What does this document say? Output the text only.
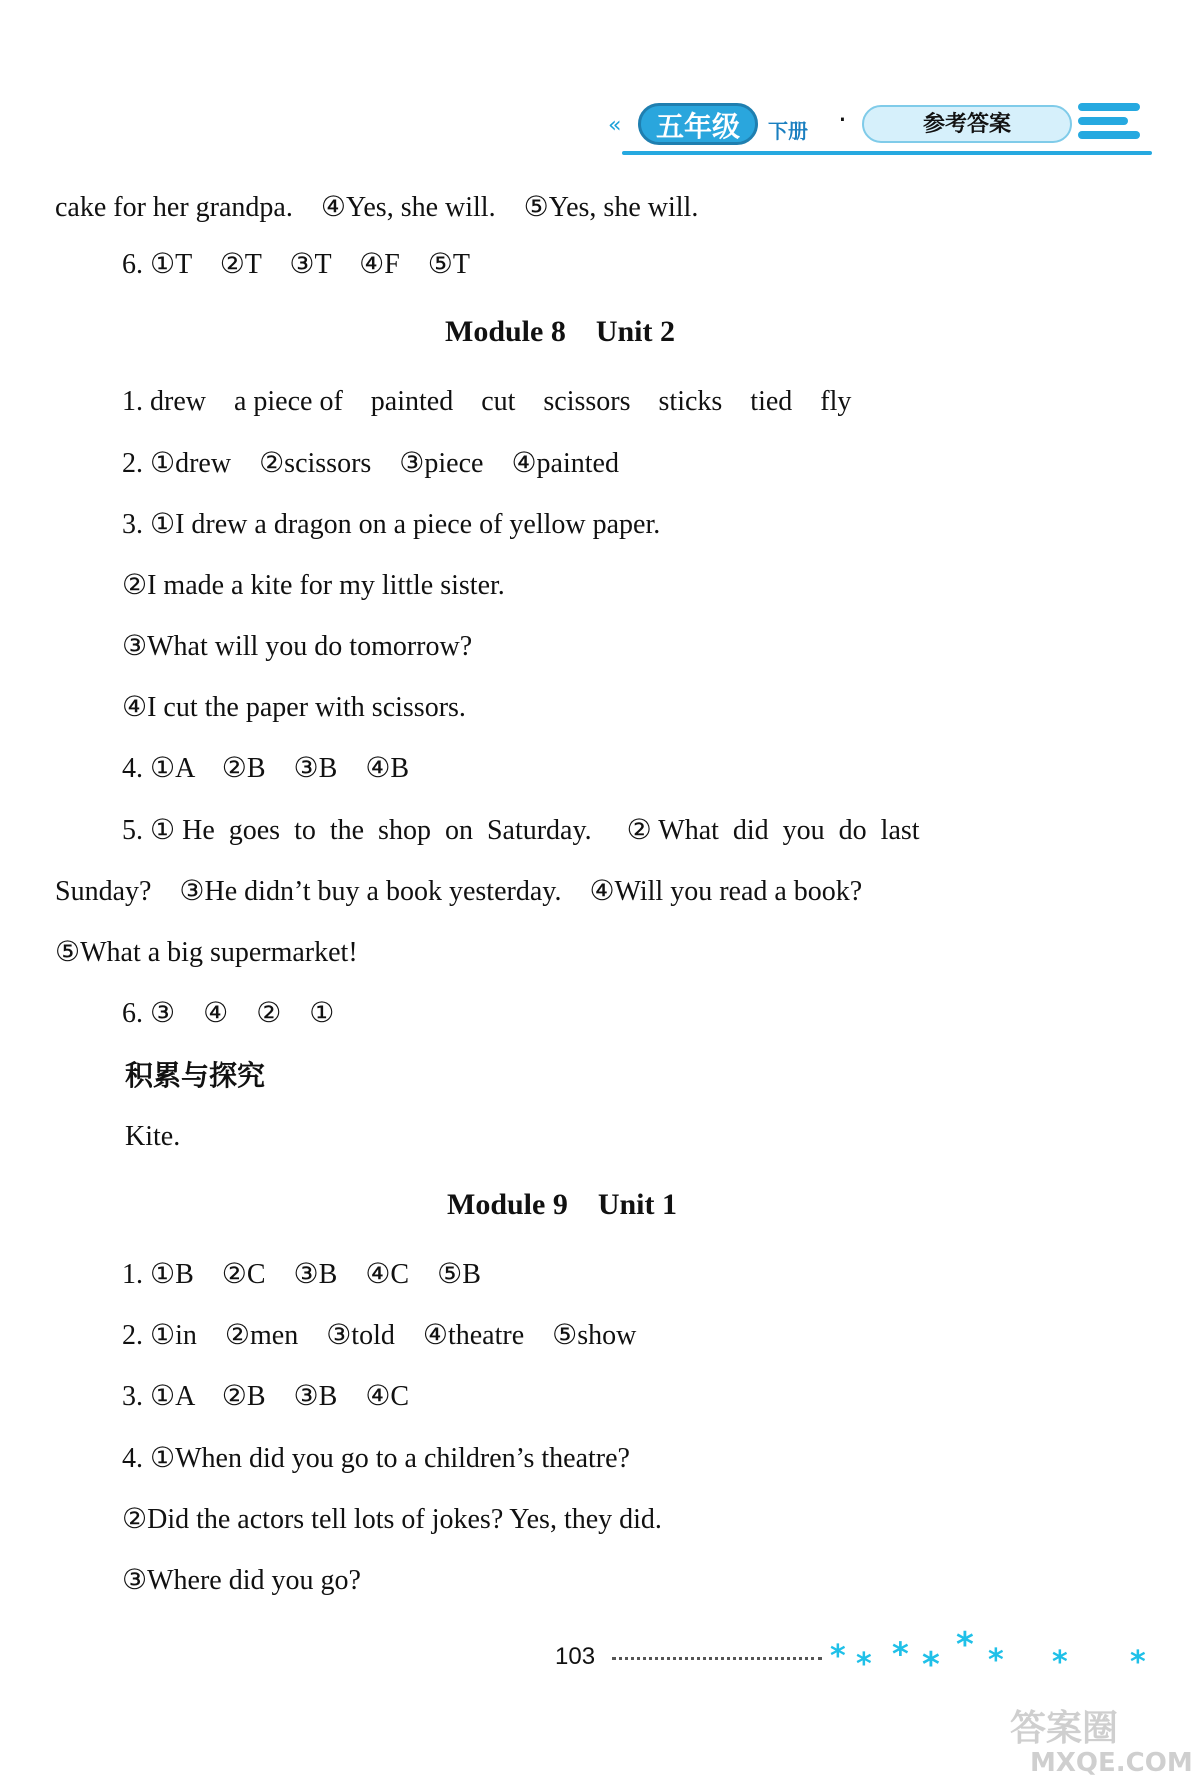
«	五年级	下册 ·	参考答案
cake for her grandpa.    ④Yes, she will.    ⑤Yes, she will.
6. ①T    ②T    ③T    ④F    ⑤T
Module 8    Unit 2
1. drew    a piece of    painted    cut    scissors    sticks    tied    fly
2. ①drew    ②scissors    ③piece    ④painted
3. ①I drew a dragon on a piece of yellow paper.
②I made a kite for my little sister.
③What will you do tomorrow?
④I cut the paper with scissors.
4. ①A    ②B    ③B    ④B
5. ① He  goes  to  the  shop  on  Saturday.     ② What  did  you  do  last
Sunday?    ③He didn’t buy a book yesterday.    ④Will you read a book?
⑤What a big supermarket!
6. ③    ④    ②    ①
积累与探究
Kite.
Module 9    Unit 1
1. ①B    ②C    ③B    ④C    ⑤B
2. ①in    ②men    ③told    ④theatre    ⑤show
3. ①A    ②B    ③B    ④C
4. ①When did you go to a children’s theatre?
②Did the actors tell lots of jokes? Yes, they did.
③Where did you go?
103	* * * * * * * *
答案圈
MXQE.COM
